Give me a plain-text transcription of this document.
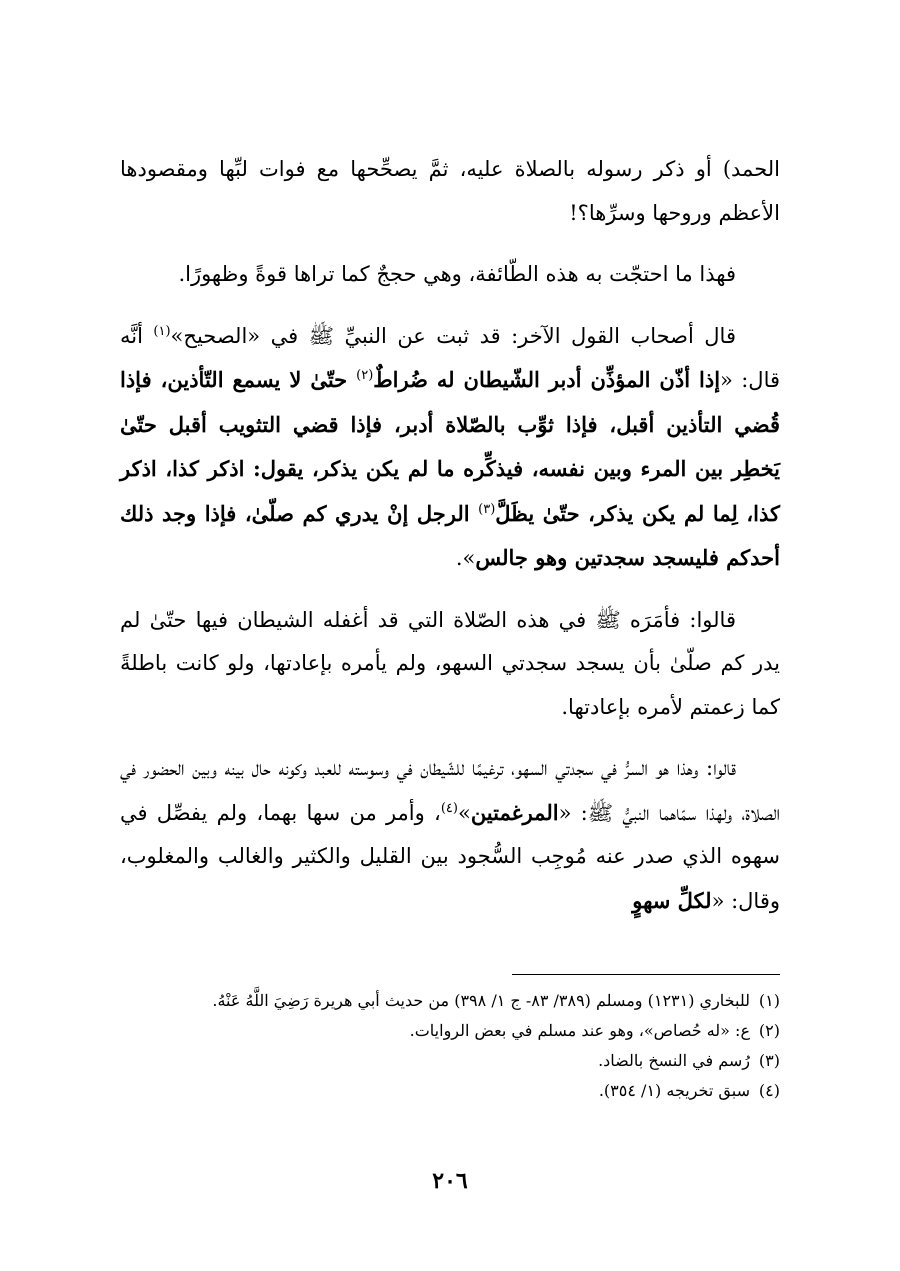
الحمد) أو ذكر رسوله بالصلاة عليه، ثمَّ يصحِّحها مع فوات لبِّها ومقصودها الأعظم وروحها وسرِّها؟!

فهذا ما احتجّت به هذه الطّائفة، وهي حججٌ كما تراها قوةً وظهورًا.

قال أصحاب القول الآخر: قد ثبت عن النبيِّ ﷺ في «الصحيح»$^{(١)}$ أنَّه قال: «إذا أذّن المؤذِّن أدبر الشّيطان له ضُراطٌ$^{(٢)}$ حتّىٰ لا يسمع التّأذين، فإذا قُضي التأذين أقبل، فإذا ثوِّب بالصّلاة أدبر، فإذا قضي التثويب أقبل حتّىٰ يَخطِر بين المرء وبين نفسه، فيذكِّره ما لم يكن يذكر، يقول: اذكر كذا، اذكر كذا، لِما لم يكن يذكر، حتّىٰ يظَلَّ$^{(٣)}$ الرجل إنْ يدري كم صلّىٰ، فإذا وجد ذلك أحدكم فليسجد سجدتين وهو جالس».

قالوا: فأمَرَه ﷺ في هذه الصّلاة التي قد أغفله الشيطان فيها حتّىٰ لم يدر كم صلّىٰ بأن يسجد سجدتي السهو، ولم يأمره بإعادتها، ولو كانت باطلةً كما زعمتم لأمره بإعادتها.

قالوا: وهذا هو السرُّ في سجدتي السهو، ترغيمًا للشّيطان في وسوسته للعبد وكونه حال بينه وبين الحضور في الصلاة، ولهذا سمّاهما النبيُّ ﷺ: «المرغمتين»$^{(٤)}$، وأمر من سها بهما، ولم يفصِّل في سهوه الذي صدر عنه مُوجِب السُّجود بين القليل والكثير والغالب والمغلوب، وقال: «لكلِّ سهوٍ

(١)للبخاري (١٢٣١) ومسلم (٣٨٩/ ٨٣- ج ١/ ٣٩٨) من حديث أبي هريرة رَضِيَ اللَّهُ عَنْهُ.

(٢)ع: «له حُصاص»، وهو عند مسلم في بعض الروايات.

(٣)رُسم في النسخ بالضاد.

(٤)سبق تخريجه (١/ ٣٥٤).

٢٠٦
